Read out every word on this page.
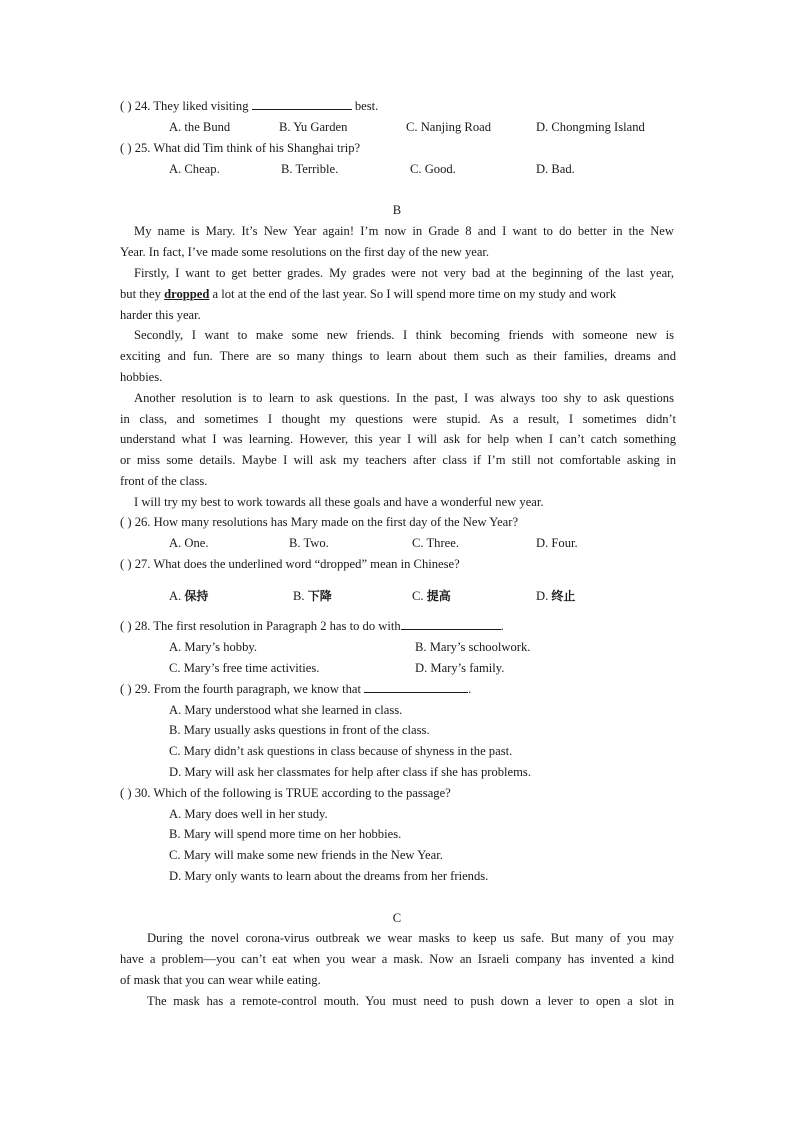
( ) 24. They liked visiting	best.
A. the Bund	B. Yu Garden	C. Nanjing Road	D. Chongming Island
( ) 25. What did Tim think of his Shanghai trip?
A. Cheap.	B. Terrible.	C. Good.	D. Bad.
B
My name is Mary. It’s New Year again! I’m now in Grade 8 and I want to do better in the New
Year. In fact, I’ve made some resolutions on the first day of the new year.
Firstly, I want to get better grades. My grades were not very bad at the beginning of the last year,
but they dropped a lot at the end of the last year. So I will spend more time on my study and work
harder this year.
Secondly, I want to make some new friends. I think becoming friends with someone new is
exciting and fun. There are so many things to learn about them such as their families, dreams and
hobbies.
Another resolution is to learn to ask questions. In the past, I was always too shy to ask questions
in class, and sometimes I thought my questions were stupid. As a result, I sometimes didn’t
understand what I was learning. However, this year I will ask for help when I can’t catch something
or miss some details. Maybe I will ask my teachers after class if I’m still not comfortable asking in
front of the class.
I will try my best to work towards all these goals and have a wonderful new year.
( ) 26. How many resolutions has Mary made on the first day of the New Year?
A. One.	B. Two.	C. Three.	D. Four.
( ) 27. What does the underlined word “dropped” mean in Chinese?
A. 保持	B. 下降	C. 提高	D. 终止
( ) 28. The first resolution in Paragraph 2 has to do with	.
A. Mary’s hobby.	B. Mary’s schoolwork.
C. Mary’s free time activities.	D. Mary’s family.
( ) 29. From the fourth paragraph, we know that	.
A. Mary understood what she learned in class.
B. Mary usually asks questions in front of the class.
C. Mary didn’t ask questions in class because of shyness in the past.
D. Mary will ask her classmates for help after class if she has problems.
( ) 30. Which of the following is TRUE according to the passage?
A. Mary does well in her study.
B. Mary will spend more time on her hobbies.
C. Mary will make some new friends in the New Year.
D. Mary only wants to learn about the dreams from her friends.
C
During the novel corona-virus outbreak we wear masks to keep us safe. But many of you may
have a problem—you can’t eat when you wear a mask. Now an Israeli company has invented a kind
of mask that you can wear while eating.
The mask has a remote-control mouth. You must need to push down a lever to open a slot in
